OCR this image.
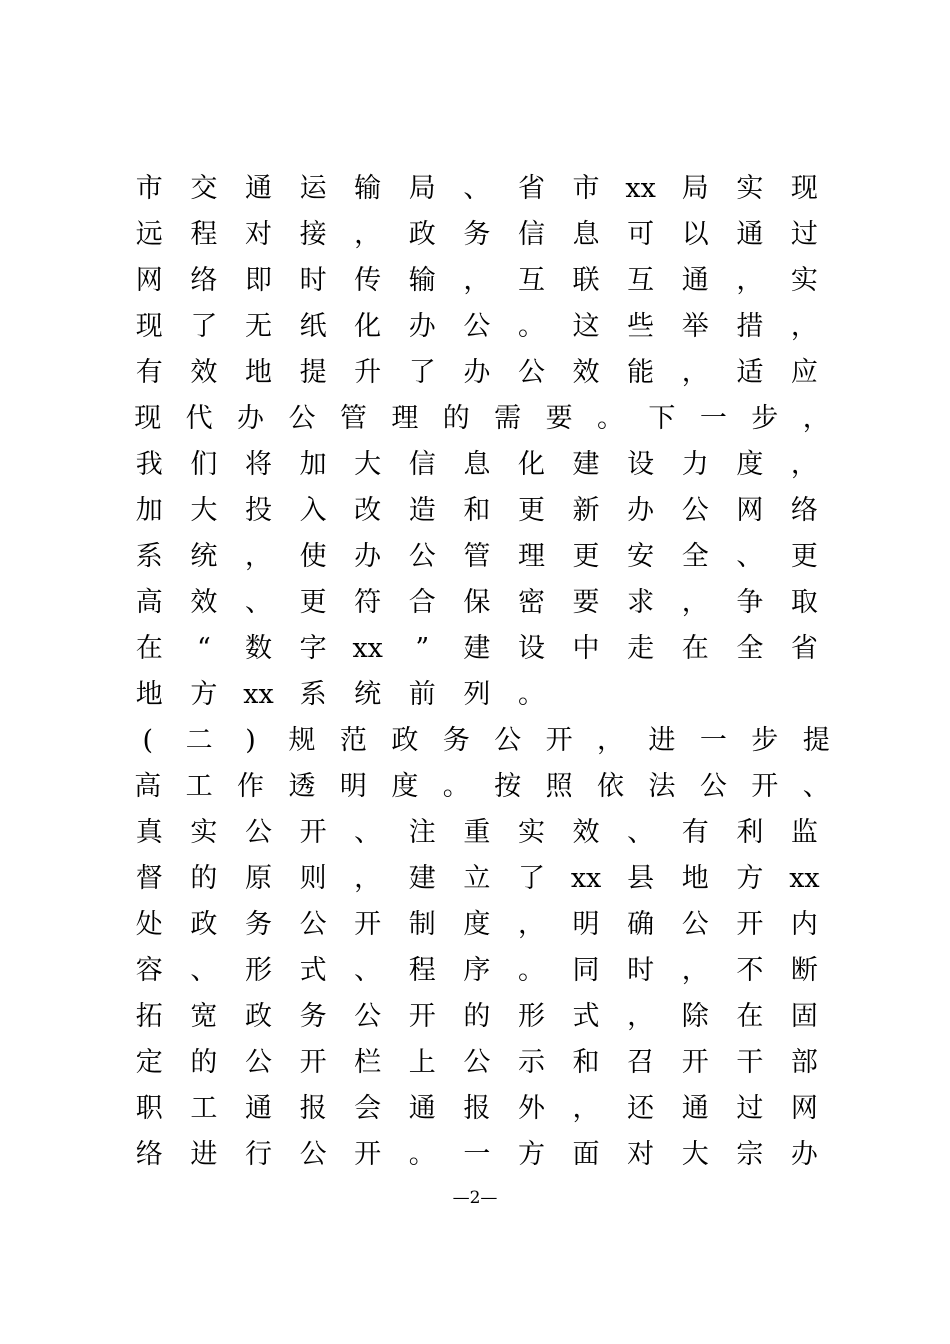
市	交	通	运	输	局	、	省	市 xx 局	实	现
远	程	对	接	，	政	务	信	息	可	以	通	过
网	络	即	时	传	输	，	互	联	互	通	，	实
现	了	无	纸	化	办	公	。	这	些	举	措	，
有	效	地	提	升	了	办	公	效	能	，	适	应
现 代 办 公 管 理 的 需 要 。 下 一 步 ，
我	们	将	加	大	信	息	化	建	设	力	度	，
加	大	投	入	改	造	和	更	新	办	公	网	络
系	统	，	使	办	公	管	理	更	安	全	、	更
高	效	、	更	符	合	保	密	要	求	，	争	取
在	“	数	字 xx	”	建	设	中	走	在	全	省
地	方 xx 系	统	前	列	。
(	二	)	规 范 政 务 公 开 ， 进 一 步 提
高 工 作 透 明 度 。 按 照 依 法 公 开 、
真	实	公	开	、	注	重	实	效	、	有	利	监
督	的	原	则	，	建	立	了 xx 县	地	方 xx
处	政	务	公	开	制	度	，	明	确	公	开	内
容	、	形	式	、	程	序	。	同	时	，	不	断
拓	宽	政	务	公	开	的	形	式	，	除	在	固
定	的	公	开	栏	上	公	示	和	召	开	干	部
职	工	通	报	会	通	报	外	，	还	通	过	网
络	进	行	公	开	。	一	方	面	对	大	宗	办
—2—
